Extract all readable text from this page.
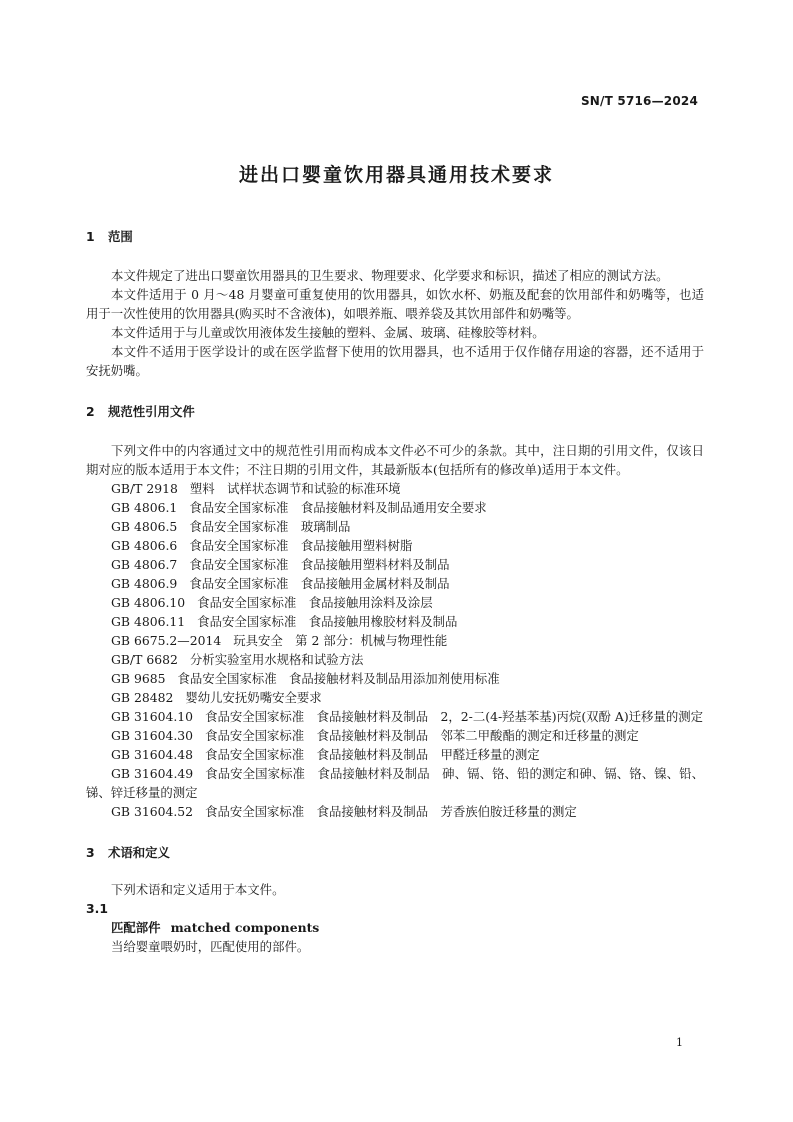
SN/T 5716—2024
进出口婴童饮用器具通用技术要求

1 范围

本文件规定了进出口婴童饮用器具的卫生要求、物理要求、化学要求和标识，描述了相应的测试方法。

本文件适用于 0 月～48 月婴童可重复使用的饮用器具，如饮水杯、奶瓶及配套的饮用部件和奶嘴等，也适用于一次性使用的饮用器具(购买时不含液体)，如喂养瓶、喂养袋及其饮用部件和奶嘴等。

本文件适用于与儿童或饮用液体发生接触的塑料、金属、玻璃、硅橡胶等材料。

本文件不适用于医学设计的或在医学监督下使用的饮用器具，也不适用于仅作储存用途的容器，还不适用于安抚奶嘴。

2 规范性引用文件

下列文件中的内容通过文中的规范性引用而构成本文件必不可少的条款。其中，注日期的引用文件，仅该日期对应的版本适用于本文件；不注日期的引用文件，其最新版本(包括所有的修改单)适用于本文件。

GB/T 2918 塑料　试样状态调节和试验的标准环境

GB 4806.1 食品安全国家标准　食品接触材料及制品通用安全要求

GB 4806.5 食品安全国家标准　玻璃制品

GB 4806.6 食品安全国家标准　食品接触用塑料树脂

GB 4806.7 食品安全国家标准　食品接触用塑料材料及制品

GB 4806.9 食品安全国家标准　食品接触用金属材料及制品

GB 4806.10 食品安全国家标准　食品接触用涂料及涂层

GB 4806.11 食品安全国家标准　食品接触用橡胶材料及制品

GB 6675.2—2014 玩具安全　第 2 部分：机械与物理性能

GB/T 6682 分析实验室用水规格和试验方法

GB 9685 食品安全国家标准　食品接触材料及制品用添加剂使用标准

GB 28482 婴幼儿安抚奶嘴安全要求

GB 31604.10 食品安全国家标准　食品接触材料及制品　2，2-二(4-羟基苯基)丙烷(双酚 A)迁移量的测定

GB 31604.30 食品安全国家标准　食品接触材料及制品　邻苯二甲酸酯的测定和迁移量的测定

GB 31604.48 食品安全国家标准　食品接触材料及制品　甲醛迁移量的测定

GB 31604.49 食品安全国家标准　食品接触材料及制品　砷、镉、铬、铅的测定和砷、镉、铬、镍、铅、锑、锌迁移量的测定

GB 31604.52 食品安全国家标准　食品接触材料及制品　芳香族伯胺迁移量的测定

3 术语和定义

下列术语和定义适用于本文件。

3.1

匹配部件 matched components

当给婴童喂奶时，匹配使用的部件。

1
